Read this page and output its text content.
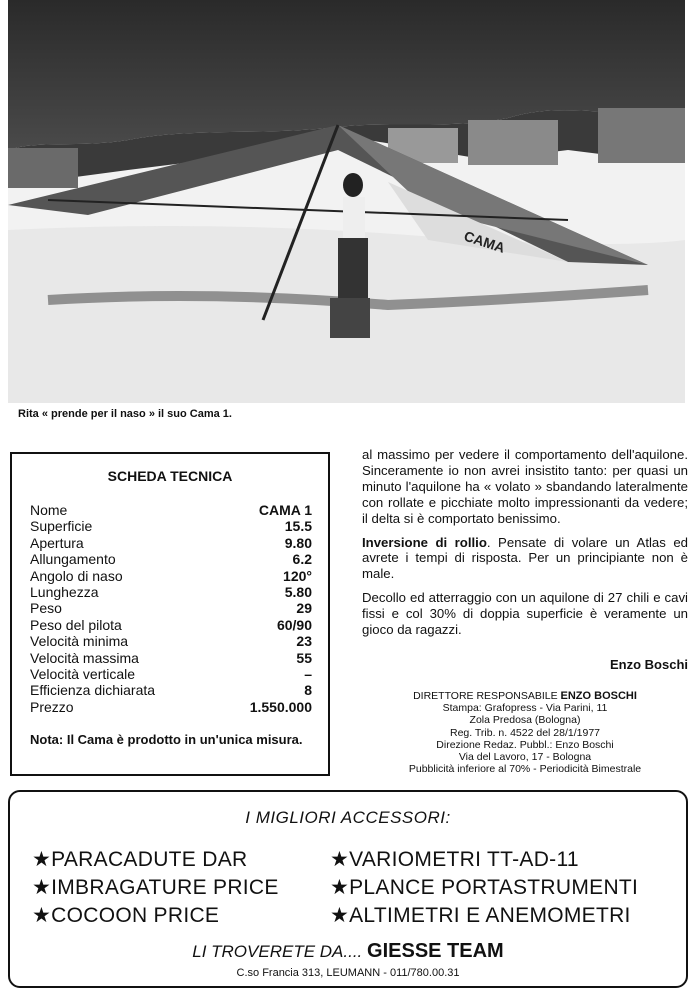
CAMA
Rita « prende per il naso » il suo Cama 1.
SCHEDA TECNICA
Nome	CAMA 1
Superficie	15.5
Apertura	9.80
Allungamento	6.2
Angolo di naso	120°
Lunghezza	5.80
Peso	29
Peso del pilota	60/90
Velocità minima	23
Velocità massima	55
Velocità verticale	–
Efficienza dichiarata	8
Prezzo	1.550.000
Nota: Il Cama è prodotto in un'unica misura.

al massimo per vedere il comportamento dell'aquilone. Sinceramente io non avrei insistito tanto: per quasi un minuto l'aquilone ha « volato » sbandando lateralmente con rollate e picchiate molto impressionanti da vedere; il delta si è comportato benissimo.

Inversione di rollio. Pensate di volare un Atlas ed avrete i tempi di risposta. Per un principiante non è male.

Decollo ed atterraggio con un aquilone di 27 chili e cavi fissi e col 30% di doppia superficie è veramente un gioco da ragazzi.

Enzo Boschi
DIRETTORE RESPONSABILE ENZO BOSCHI
Stampa: Grafopress - Via Parini, 11
Zola Predosa (Bologna)
Reg. Trib. n. 4522 del 28/1/1977
Direzione Redaz. Pubbl.: Enzo Boschi
Via del Lavoro, 17 - Bologna
Pubblicità inferiore al 70% - Periodicità Bimestrale
I MIGLIORI ACCESSORI:
★PARACADUTE DAR
★IMBRAGATURE PRICE
★COCOON PRICE
★VARIOMETRI TT-AD-11
★PLANCE PORTASTRUMENTI
★ALTIMETRI E ANEMOMETRI
LI TROVERETE DA.... GIESSE TEAM
C.so Francia 313, LEUMANN - 011/780.00.31
